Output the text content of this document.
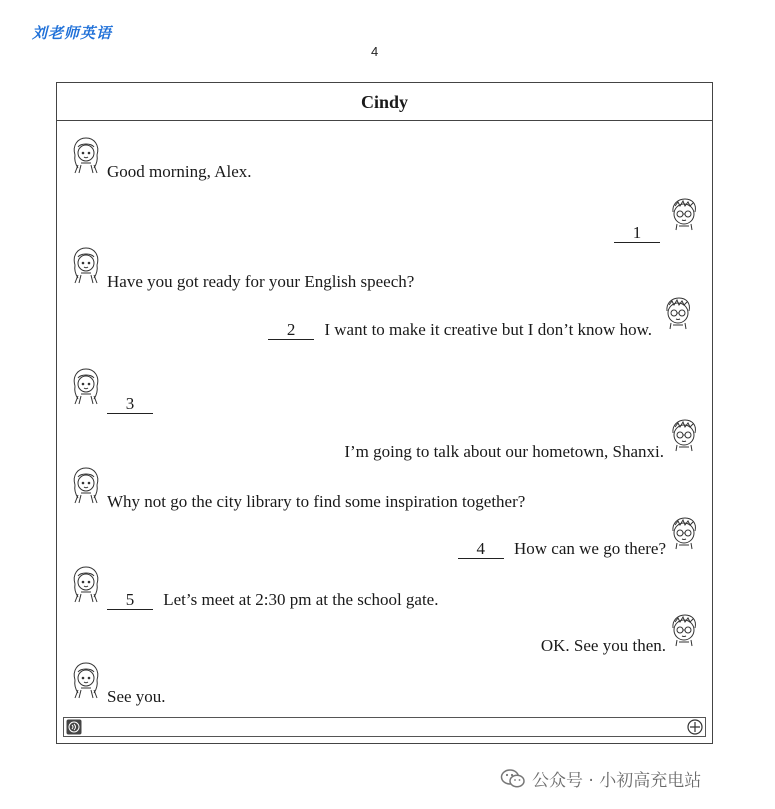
刘老师英语
4
Cindy
Good morning, Alex.
1
Have you got ready for your English speech?
2 I want to make it creative but I don’t know how.
3
I’m going to talk about our hometown, Shanxi.
Why not go the city library to find some inspiration together?
4 How can we go there?
5 Let’s meet at 2:30 pm at the school gate.
OK. See you then.
See you.
公众号 · 小初高充电站
